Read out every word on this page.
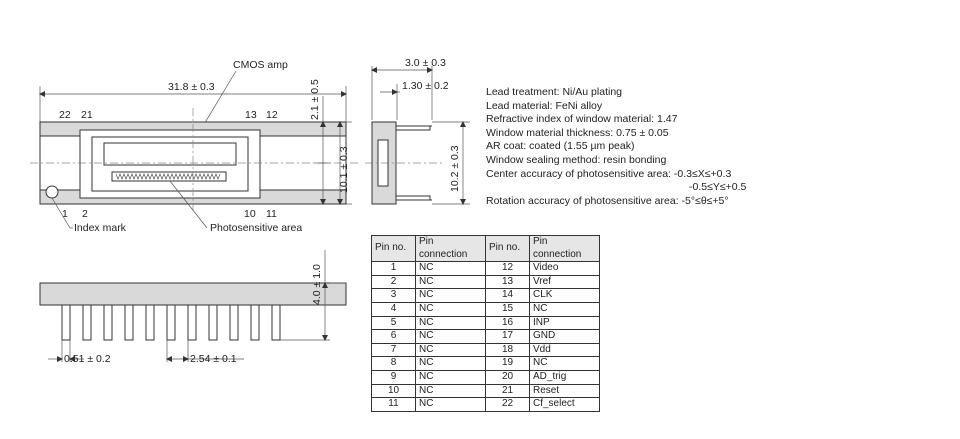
31.8 ± 0.3
CMOS amp
22 21	13 12	2.1 ± 0.5
10.1 ± 0.3
1 2	10 11
Index mark	Photosensitive area
3.0 ± 0.3
1.30 ± 0.2
10.2 ± 0.3
4.0 ± 1.0
0.51 ± 0.2	2.54 ± 0.1
Lead treatment: Ni/Au plating
Lead material: FeNi alloy
Refractive index of window material: 1.47
Window material thickness: 0.75 ± 0.05
AR coat: coated (1.55 µm peak)
Window sealing method: resin bonding
Center accuracy of photosensitive area: -0.3≤X≤+0.3
-0.5≤Y≤+0.5
Rotation accuracy of photosensitive area: -5°≤θ≤+5°
Pin no.	Pin connection	Pin no.	Pin connection
1	NC	12	Video
2	NC	13	Vref
3	NC	14	CLK
4	NC	15	NC
5	NC	16	INP
6	NC	17	GND
7	NC	18	Vdd
8	NC	19	NC
9	NC	20	AD_trig
10	NC	21	Reset
11	NC	22	Cf_select
